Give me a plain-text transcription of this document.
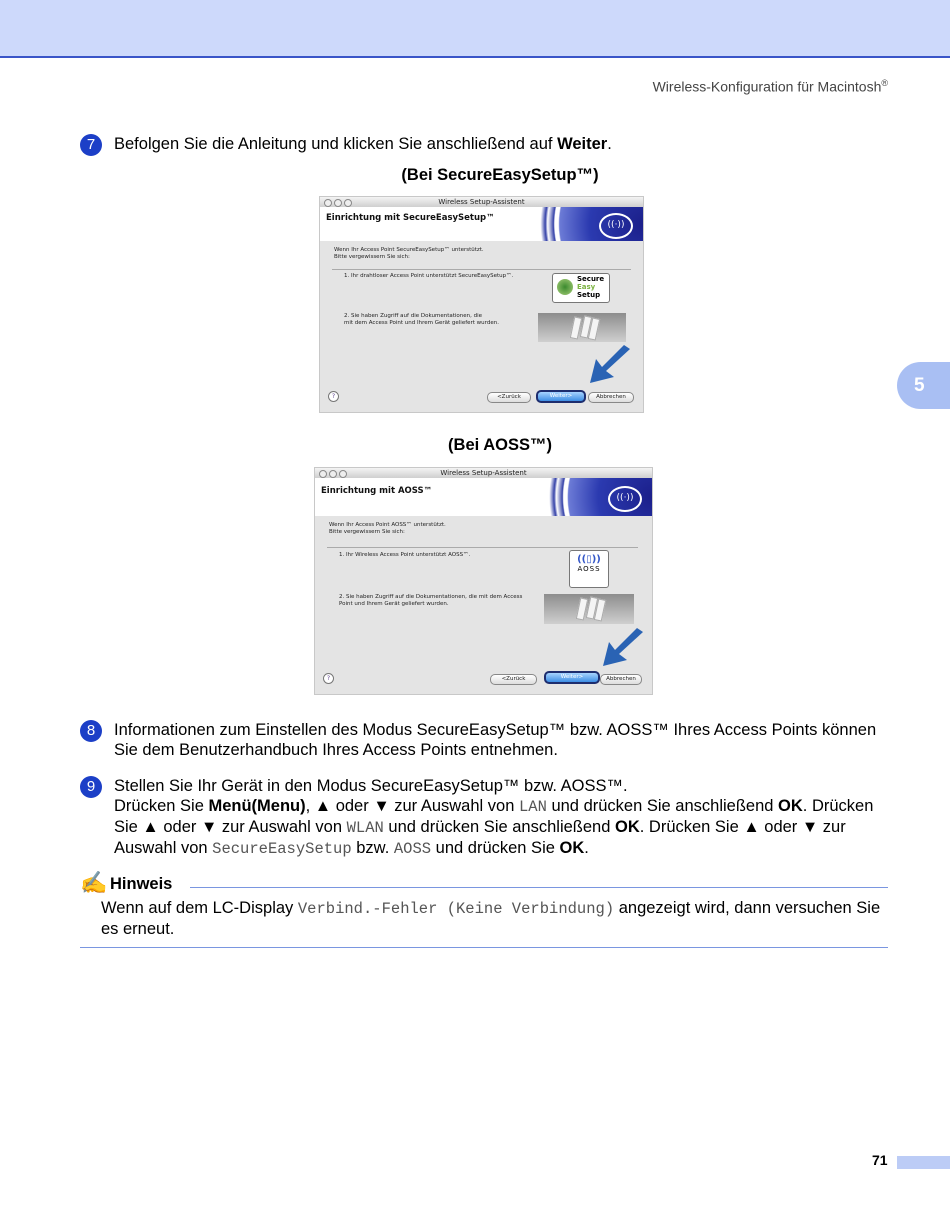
Wireless-Konfiguration für Macintosh®
5
7	Befolgen Sie die Anleitung und klicken Sie anschließend auf Weiter.
(Bei SecureEasySetup™)
Wireless Setup-Assistent
Einrichtung mit SecureEasySetup™
((·))
Wenn Ihr Access Point SecureEasySetup™ unterstützt.
Bitte vergewissern Sie sich:
1. Ihr drahtloser Access Point unterstützt SecureEasySetup™.	Secure
Easy
Setup
2. Sie haben Zugriff auf die Dokumentationen, die
mit dem Access Point und Ihrem Gerät geliefert wurden.
?	<Zurück	Weiter>	Abbrechen
(Bei AOSS™)
Wireless Setup-Assistent
Einrichtung mit AOSS™
((·))
Wenn Ihr Access Point AOSS™ unterstützt.
Bitte vergewissern Sie sich:
1. Ihr Wireless Access Point unterstützt AOSS™.	((▯))
AOSS
2. Sie haben Zugriff auf die Dokumentationen, die mit dem Access
Point und Ihrem Gerät geliefert wurden.
?	<Zurück	Weiter>	Abbrechen
8	Informationen zum Einstellen des Modus SecureEasySetup™ bzw. AOSS™ Ihres Access Points können Sie dem Benutzerhandbuch Ihres Access Points entnehmen.
9	Stellen Sie Ihr Gerät in den Modus SecureEasySetup™ bzw. AOSS™.
Drücken Sie Menü(Menu), ▲ oder ▼ zur Auswahl von LAN und drücken Sie anschließend OK. Drücken Sie ▲ oder ▼ zur Auswahl von WLAN und drücken Sie anschließend OK. Drücken Sie ▲ oder ▼ zur Auswahl von SecureEasySetup bzw. AOSS und drücken Sie OK.
✍ Hinweis
Wenn auf dem LC-Display Verbind.-Fehler (Keine Verbindung) angezeigt wird, dann versuchen Sie es erneut.
71
